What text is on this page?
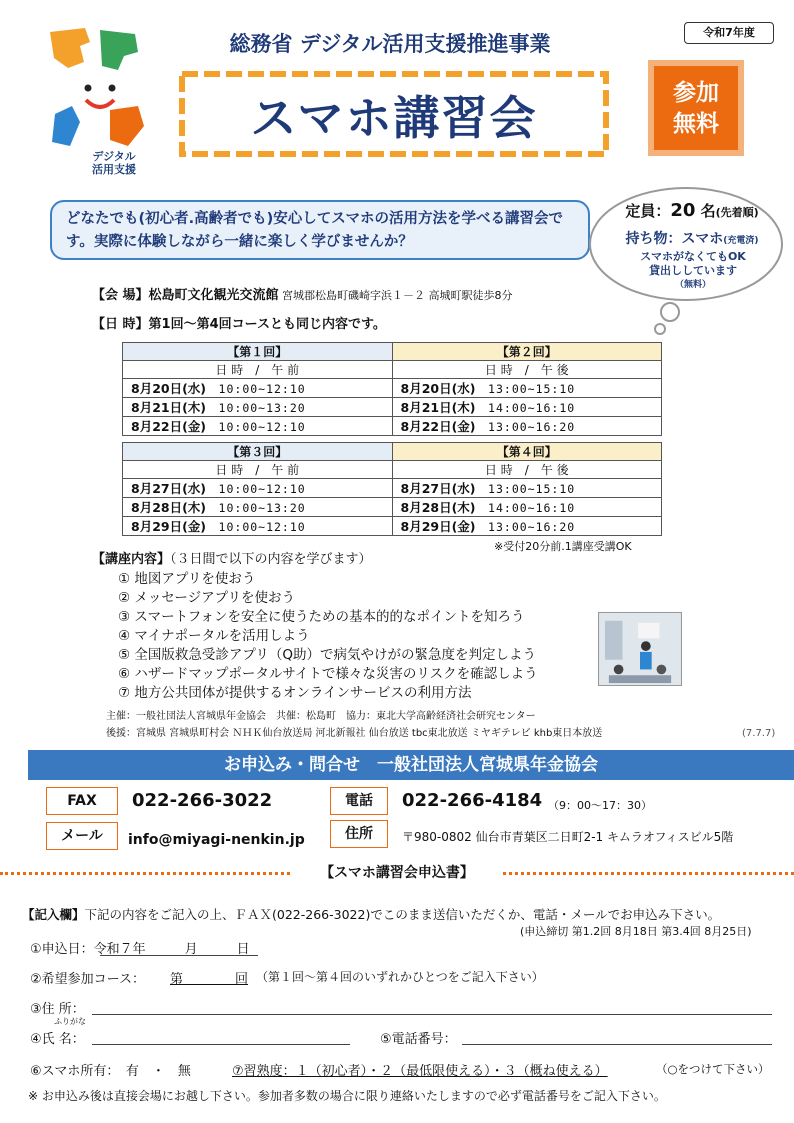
デジタル
活用支援
総務省 デジタル活用支援推進事業
スマホ講習会
令和7年度
参加
無料
どなたでも(初心者.高齢者でも)安心してスマホの活用方法を学べる講習会です。実際に体験しながら一緒に楽しく学びませんか？
定員：20 名(先着順)
持ち物：スマホ(充電済)
スマホがなくてもOK
貸出ししています
（無料）
【会 場】松島町文化観光交流館 宮城郡松島町磯崎字浜１－２ 高城町駅徒歩8分
【日 時】第1回～第4回コースとも同じ内容です。
【第１回】	【第２回】
日 時　/　午 前	日 時　/　午 後
8月20日(水)　 10:00~12:10	8月20日(水)　 13:00~15:10
8月21日(木)　 10:00~13:20	8月21日(木)　 14:00~16:10
8月22日(金)　 10:00~12:10	8月22日(金)　 13:00~16:20
【第３回】	【第４回】
日 時　/　午 前	日 時　/　午 後
8月27日(水)　 10:00~12:10	8月27日(水)　 13:00~15:10
8月28日(木)　 10:00~13:20	8月28日(木)　 14:00~16:10
8月29日(金)　 10:00~12:10	8月29日(金)　 13:00~16:20
※受付20分前.1講座受講OK
【講座内容】（３日間で以下の内容を学びます）
① 地図アプリを使おう
② メッセージアプリを使おう
③ スマートフォンを安全に使うための基本的的なポイントを知ろう
④ マイナポータルを活用しよう
⑤ 全国版救急受診アプリ（Q助）で病気やけがの緊急度を判定しよう
⑥ ハザードマップポータルサイトで様々な災害のリスクを確認しよう
⑦ 地方公共団体が提供するオンラインサービスの利用方法
主催：一般社団法人宮城県年金協会　共催：松島町　協力：東北大学高齢経済社会研究センター
後援：宮城県 宮城県町村会 ＮＨＫ仙台放送局 河北新報社 仙台放送 tbc東北放送 ミヤギテレビ khb東日本放送	(7.7.7)
お申込み・問合せ　一般社団法人宮城県年金協会
FAX	022-266-3022	電話	022-266-4184 （9：00～17：30）
メール	info@miyagi-nenkin.jp	住所	〒980-0802 仙台市青葉区二日町2-1 キムラオフィスビル5階
【スマホ講習会申込書】
【記入欄】下記の内容をご記入の上、ＦＡＸ(022-266-3022)でこのまま送信いただくか、電話・メールでお申込み下さい。
(申込締切 第1.2回 8月18日 第3.4回 8月25日)
①申込日：令和７年　　　月　　　日
②希望参加コース： 第　　　　回 （第１回～第４回のいずれかひとつをご記入下さい）
③住 所：
ふりがな
④氏 名：	⑤電話番号：
⑥スマホ所有：　有　・　無	⑦習熟度：１（初心者）・２（最低限使える）・３（概ね使える）	（○をつけて下さい）
※ お申込み後は直接会場にお越し下さい。参加者多数の場合に限り連絡いたしますので必ず電話番号をご記入下さい。
